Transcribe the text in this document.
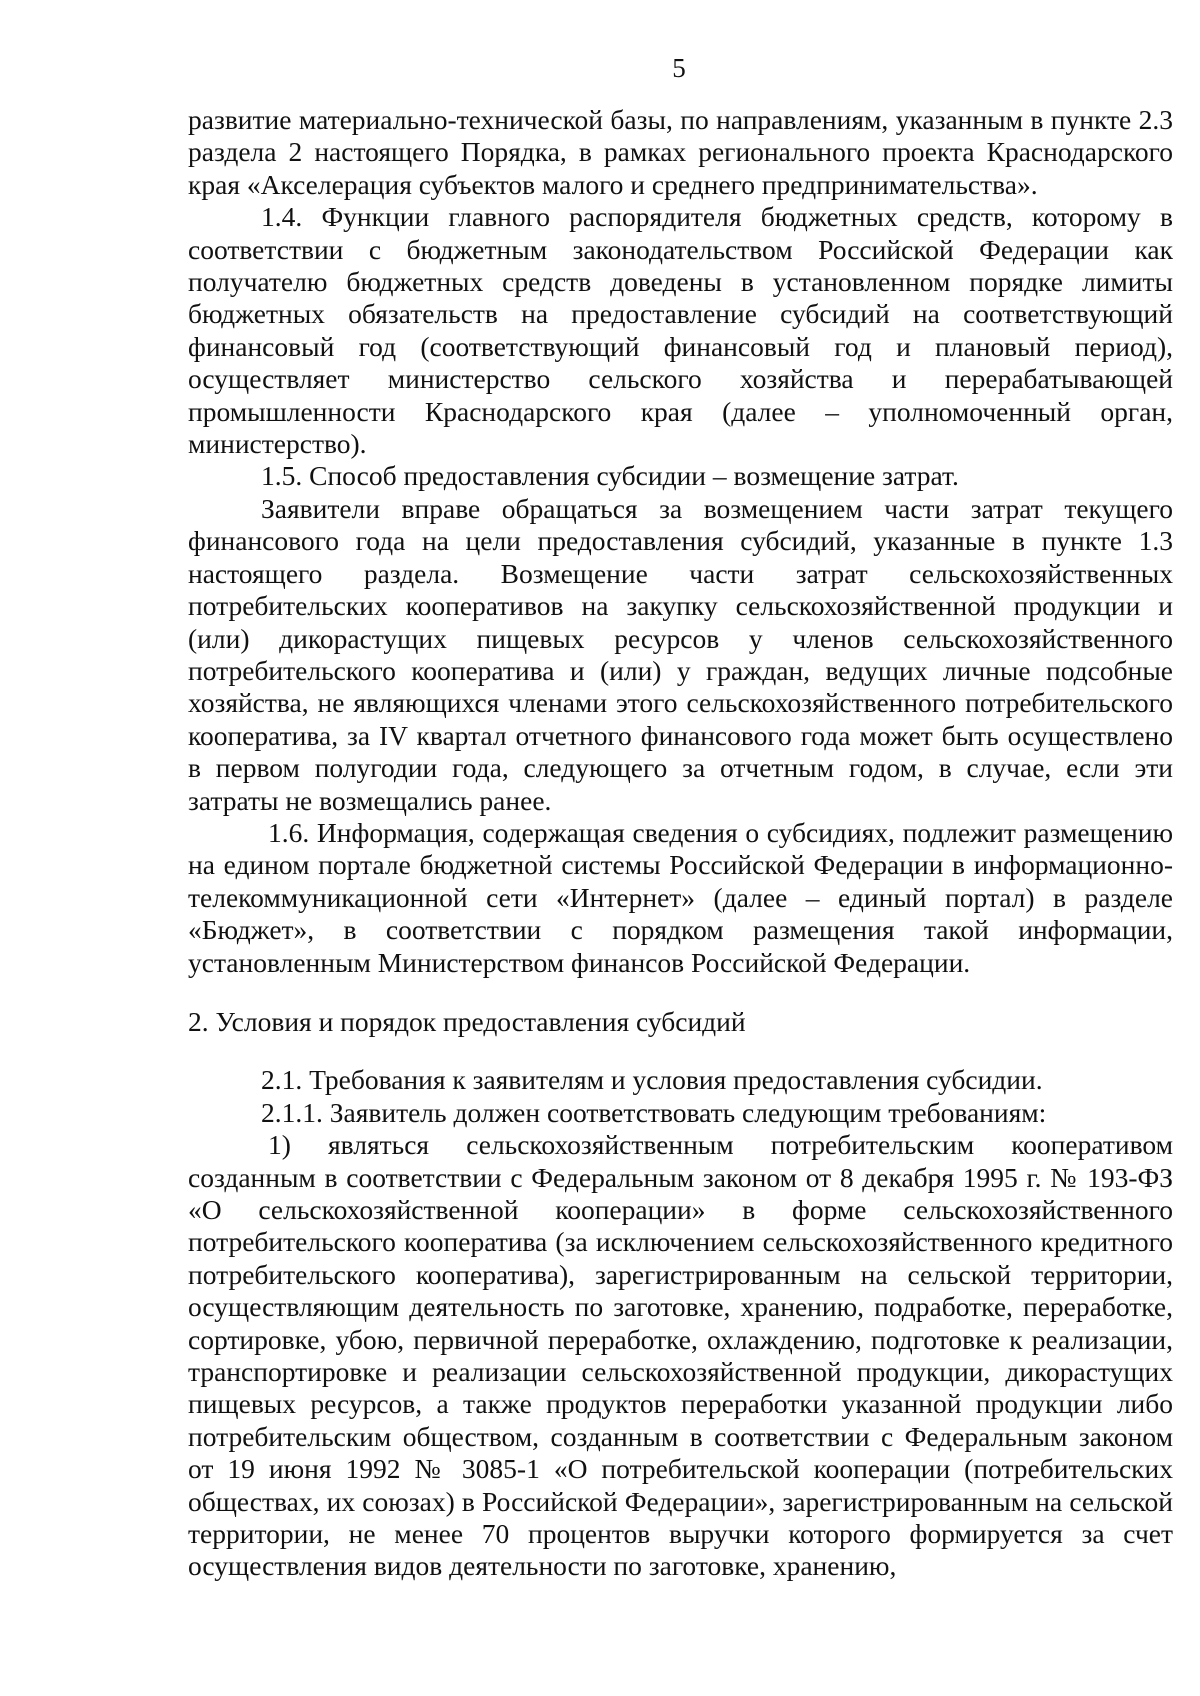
5

развитие материально-технической базы, по направлениям, указанным в пункте 2.3 раздела 2 настоящего Порядка, в рамках регионального проекта Краснодарского края «Акселерация субъектов малого и среднего предпринимательства».

1.4. Функции главного распорядителя бюджетных средств, которому в соответствии с бюджетным законодательством Российской Федерации как получателю бюджетных средств доведены в установленном порядке лимиты бюджетных обязательств на предоставление субсидий на соответствующий финансовый год (соответствующий финансовый год и плановый период), осуществляет министерство сельского хозяйства и перерабатывающей промышленности Краснодарского края (далее – уполномоченный орган, министерство).

1.5. Способ предоставления субсидии – возмещение затрат.

Заявители вправе обращаться за возмещением части затрат текущего финансового года на цели предоставления субсидий, указанные в пункте 1.3 настоящего раздела. Возмещение части затрат сельскохозяйственных потребительских кооперативов на закупку сельскохозяйственной продукции и (или) дикорастущих пищевых ресурсов у членов сельскохозяйственного потребительского кооператива и (или) у граждан, ведущих личные подсобные хозяйства, не являющихся членами этого сельскохозяйственного потребительского кооператива, за IV квартал отчетного финансового года может быть осуществлено в первом полугодии года, следующего за отчетным годом, в случае, если эти затраты не возмещались ранее.

1.6. Информация, содержащая сведения о субсидиях, подлежит размещению на едином портале бюджетной системы Российской Федерации в информационно-телекоммуникационной сети «Интернет» (далее – единый портал) в разделе «Бюджет», в соответствии с порядком размещения такой информации, установленным Министерством финансов Российской Федерации.

2. Условия и порядок предоставления субсидий

2.1. Требования к заявителям и условия предоставления субсидии.

2.1.1. Заявитель должен соответствовать следующим требованиям:

1) являться сельскохозяйственным потребительским кооперативом созданным в соответствии с Федеральным законом от 8 декабря 1995 г. № 193-ФЗ «О сельскохозяйственной кооперации» в форме сельскохозяйственного потребительского кооператива (за исключением сельскохозяйственного кредитного потребительского кооператива), зарегистрированным на сельской территории, осуществляющим деятельность по заготовке, хранению, подработке, переработке, сортировке, убою, первичной переработке, охлаждению, подготовке к реализации, транспортировке и реализации сельскохозяйственной продукции, дикорастущих пищевых ресурсов, а также продуктов переработки указанной продукции либо потребительским обществом, созданным в соответствии с Федеральным законом от 19 июня 1992 № 3085-1 «О потребительской кооперации (потребительских обществах, их союзах) в Российской Федерации», зарегистрированным на сельской территории, не менее 70 процентов выручки которого формируется за счет осуществления видов деятельности по заготовке, хранению,
